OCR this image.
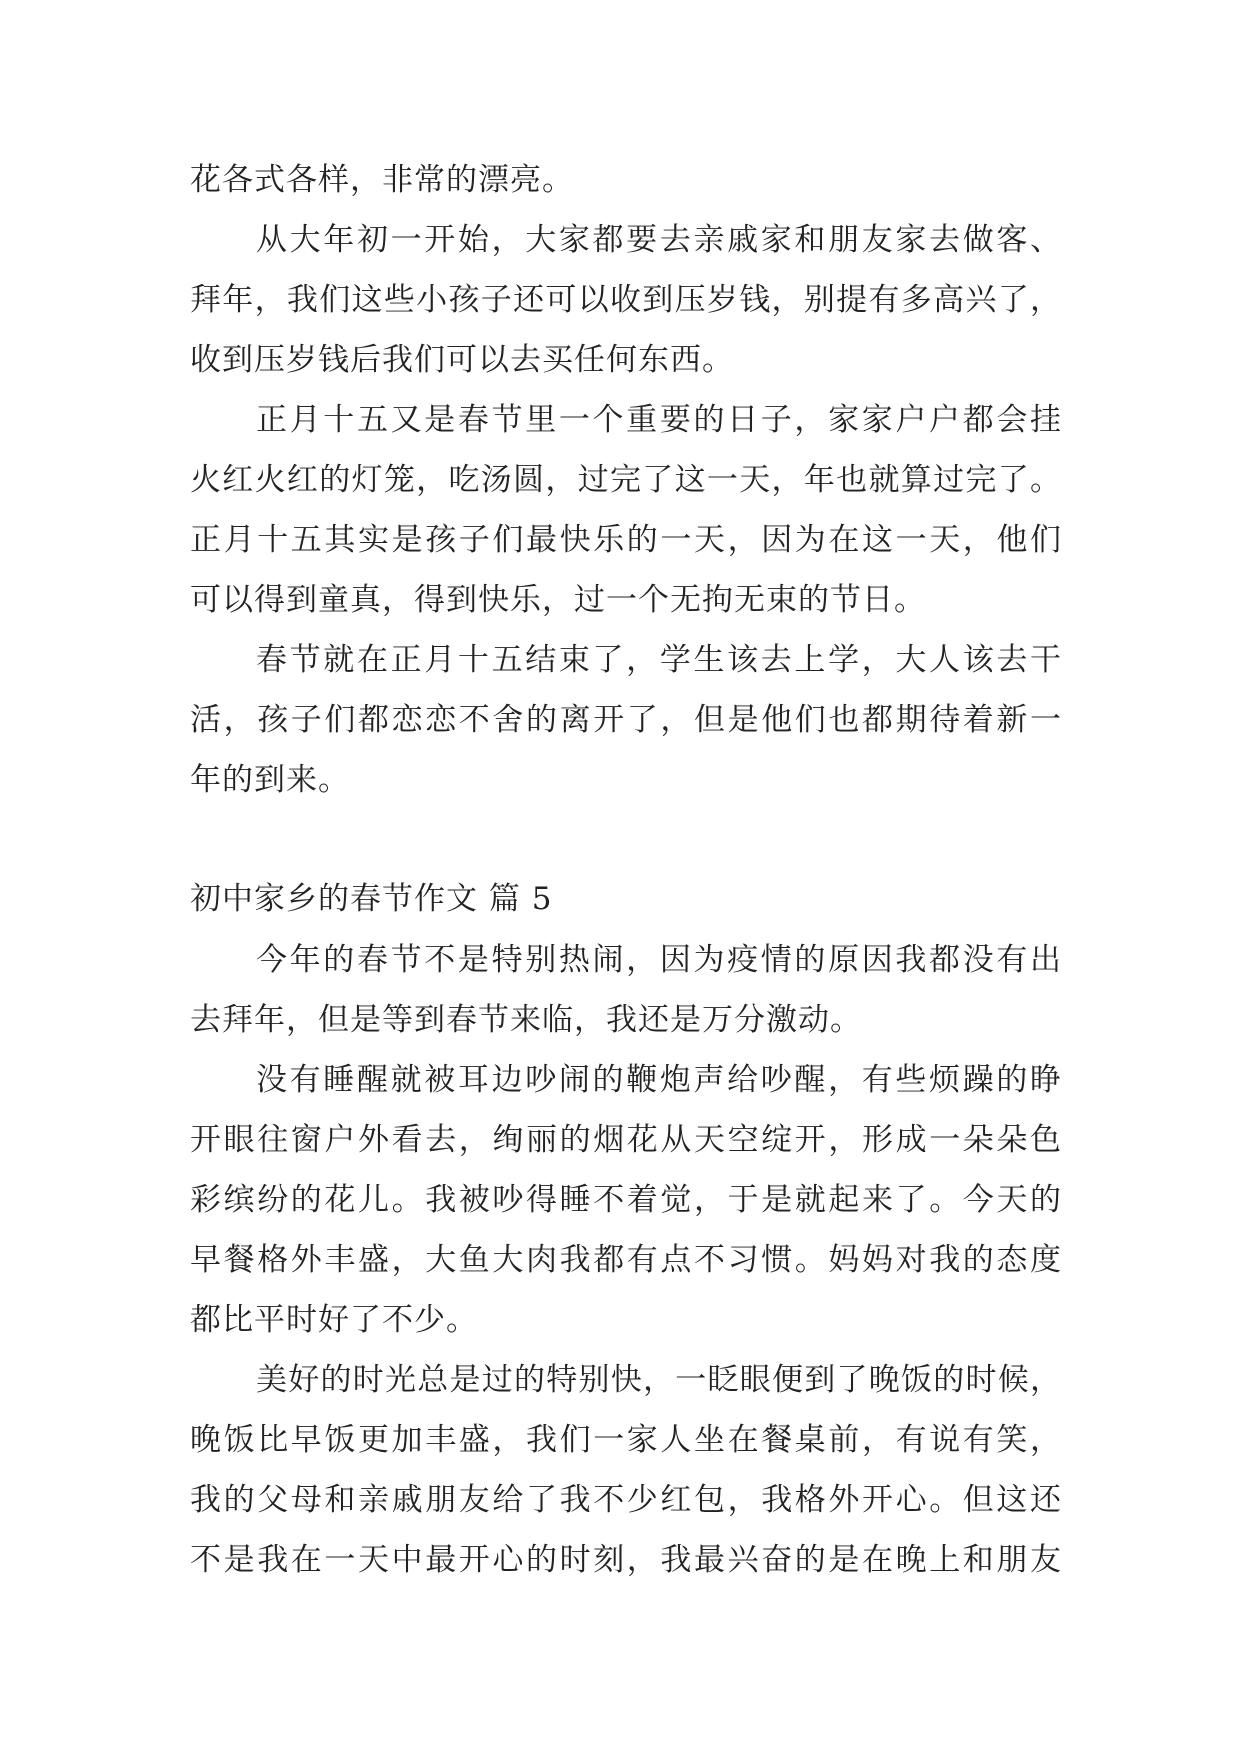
花各式各样，非常的漂亮。
从大年初一开始，大家都要去亲戚家和朋友家去做客、
拜年，我们这些小孩子还可以收到压岁钱，别提有多高兴了，
收到压岁钱后我们可以去买任何东西。
正月十五又是春节里一个重要的日子，家家户户都会挂
火红火红的灯笼，吃汤圆，过完了这一天，年也就算过完了。
正月十五其实是孩子们最快乐的一天，因为在这一天，他们
可以得到童真，得到快乐，过一个无拘无束的节日。
春节就在正月十五结束了，学生该去上学，大人该去干
活，孩子们都恋恋不舍的离开了，但是他们也都期待着新一
年的到来。
初中家乡的春节作文 篇 5
今年的春节不是特别热闹，因为疫情的原因我都没有出
去拜年，但是等到春节来临，我还是万分激动。
没有睡醒就被耳边吵闹的鞭炮声给吵醒，有些烦躁的睁
开眼往窗户外看去，绚丽的烟花从天空绽开，形成一朵朵色
彩缤纷的花儿。我被吵得睡不着觉，于是就起来了。今天的
早餐格外丰盛，大鱼大肉我都有点不习惯。妈妈对我的态度
都比平时好了不少。
美好的时光总是过的特别快，一眨眼便到了晚饭的时候，
晚饭比早饭更加丰盛，我们一家人坐在餐桌前，有说有笑，
我的父母和亲戚朋友给了我不少红包，我格外开心。但这还
不是我在一天中最开心的时刻，我最兴奋的是在晚上和朋友
